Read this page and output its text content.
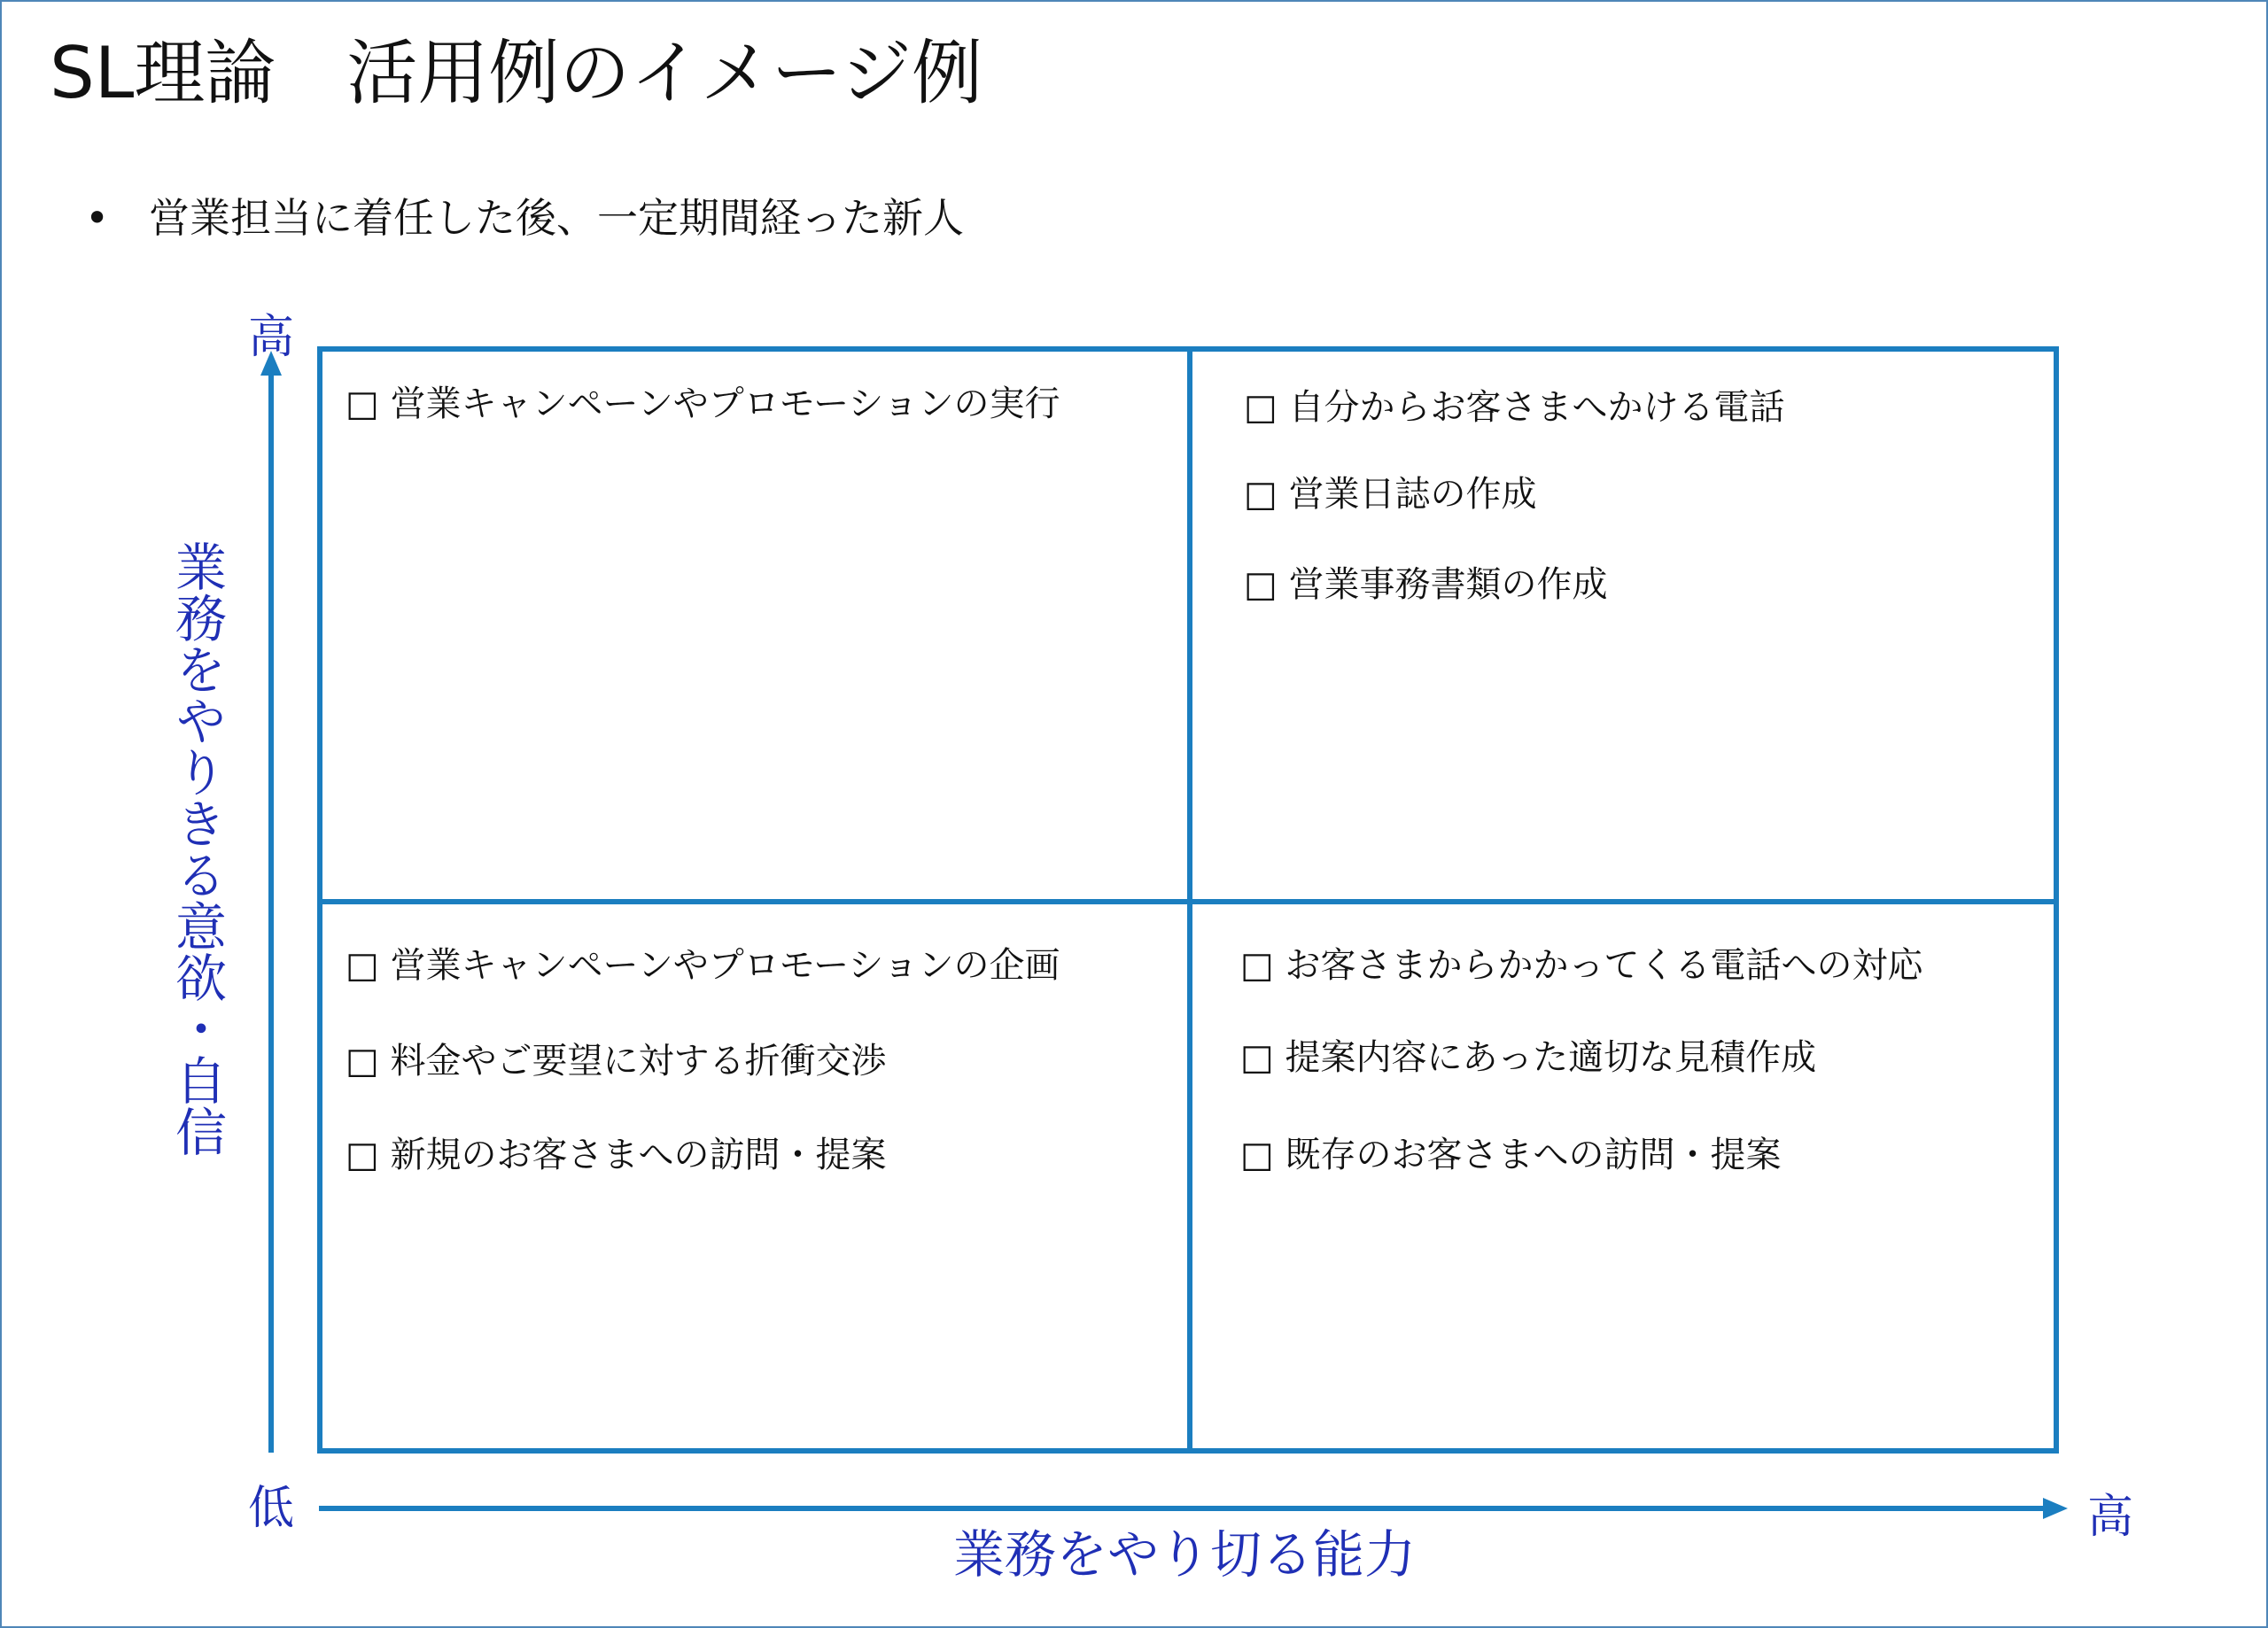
SL理論　活用例のイメージ例
• 営業担当に着任した後、一定期間経った新人
高
低	高
業務をやりきる意欲・自信
業務をやり切る能力
□ 営業キャンペーンやプロモーションの実行	□ 自分からお客さまへかける電話
□ 営業日誌の作成
□ 営業事務書類の作成
□ 営業キャンペーンやプロモーションの企画
□ 料金やご要望に対する折衝交渉
□ 新規のお客さまへの訪問・提案
□ お客さまからかかってくる電話への対応
□ 提案内容にあった適切な見積作成
□ 既存のお客さまへの訪問・提案
